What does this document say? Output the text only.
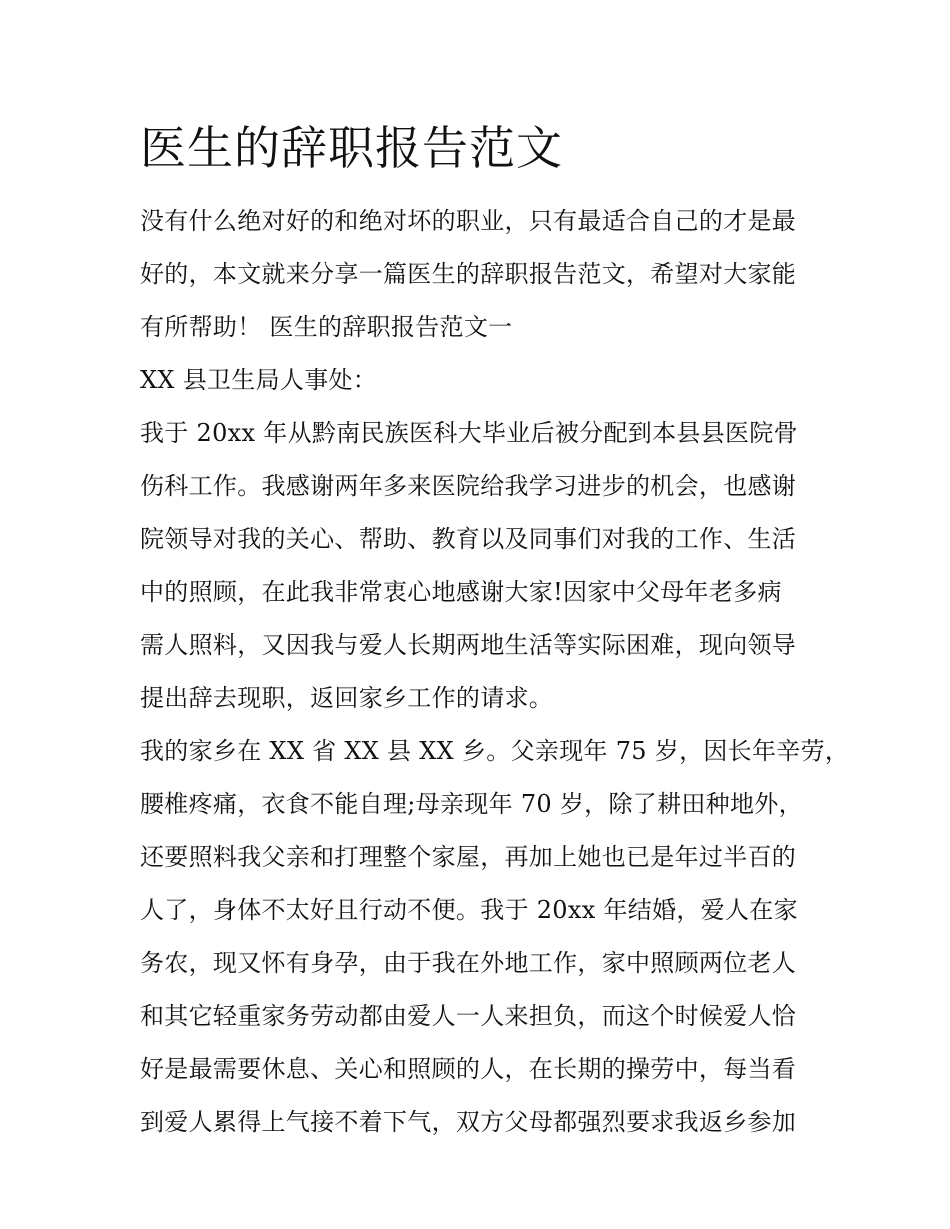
医生的辞职报告范文
没有什么绝对好的和绝对坏的职业，只有最适合自己的才是最
好的，本文就来分享一篇医生的辞职报告范文，希望对大家能
有所帮助！ 医生的辞职报告范文一
XX 县卫生局人事处：
我于 20xx 年从黔南民族医科大毕业后被分配到本县县医院骨
伤科工作。我感谢两年多来医院给我学习进步的机会，也感谢
院领导对我的关心、帮助、教育以及同事们对我的工作、生活
中的照顾，在此我非常衷心地感谢大家!因家中父母年老多病
需人照料，又因我与爱人长期两地生活等实际困难，现向领导
提出辞去现职，返回家乡工作的请求。
我的家乡在 XX 省 XX 县 XX 乡。父亲现年 75 岁，因长年辛劳，
腰椎疼痛，衣食不能自理;母亲现年 70 岁，除了耕田种地外，
还要照料我父亲和打理整个家屋，再加上她也已是年过半百的
人了，身体不太好且行动不便。我于 20xx 年结婚，爱人在家
务农，现又怀有身孕，由于我在外地工作，家中照顾两位老人
和其它轻重家务劳动都由爱人一人来担负，而这个时候爱人恰
好是最需要休息、关心和照顾的人，在长期的操劳中，每当看
到爱人累得上气接不着下气，双方父母都强烈要求我返乡参加
